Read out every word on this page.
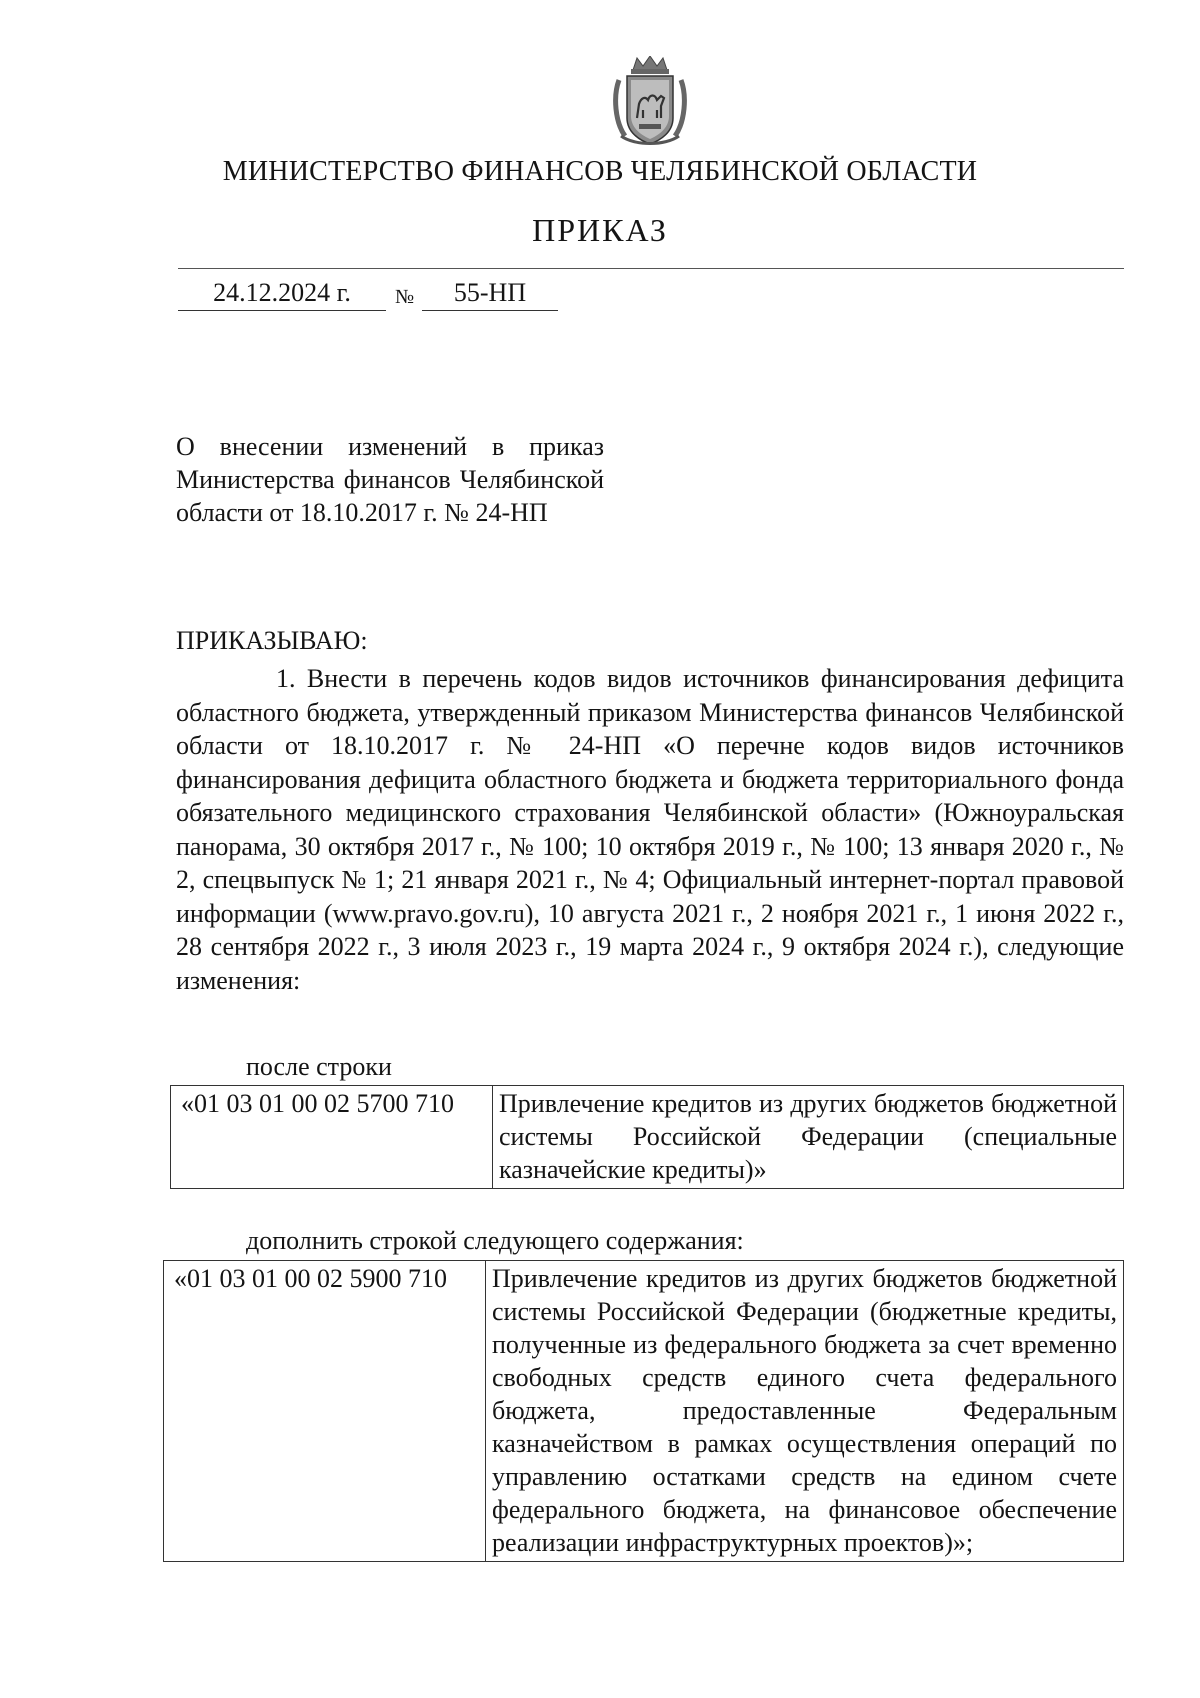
МИНИСТЕРСТВО ФИНАНСОВ ЧЕЛЯБИНСКОЙ ОБЛАСТИ
ПРИКАЗ
24.12.2024 г.	№	55-НП
О внесении изменений в приказ Министерства финансов Челябинской области от 18.10.2017 г. № 24-НП
ПРИКАЗЫВАЮ:
1. Внести в перечень кодов видов источников финансирования дефицита областного бюджета, утвержденный приказом Министерства финансов Челябинской области от 18.10.2017 г. № 24-НП «О перечне кодов видов источников финансирования дефицита областного бюджета и бюджета территориального фонда обязательного медицинского страхования Челябинской области» (Южноуральская панорама, 30 октября 2017 г., № 100; 10 октября 2019 г., № 100; 13 января 2020 г., № 2, спецвыпуск № 1; 21 января 2021 г., № 4; Официальный интернет-портал правовой информации (www.pravo.gov.ru), 10 августа 2021 г., 2 ноября 2021 г., 1 июня 2022 г., 28 сентября 2022 г., 3 июля 2023 г., 19 марта 2024 г., 9 октября 2024 г.), следующие изменения:
после строки
«01 03 01 00 02 5700 710	Привлечение кредитов из других бюджетов бюджетной системы Российской Федерации (специальные казначейские кредиты)»
дополнить строкой следующего содержания:
«01 03 01 00 02 5900 710	Привлечение кредитов из других бюджетов бюджетной системы Российской Федерации (бюджетные кредиты, полученные из федерального бюджета за счет временно свободных средств единого счета федерального бюджета, предоставленные Федеральным казначейством в рамках осуществления операций по управлению остатками средств на едином счете федерального бюджета, на финансовое обеспечение реализации инфраструктурных проектов)»;
